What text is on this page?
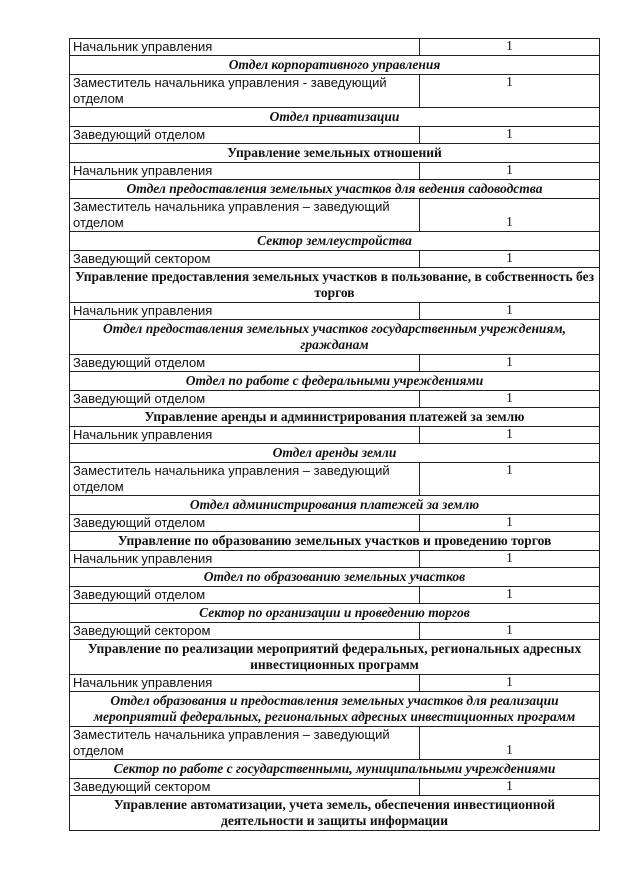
Начальник управления	1
Отдел корпоративного управления	
Заместитель начальника управления - заведующий отделом	1
Отдел приватизации	
Заведующий отделом	1
Управление земельных отношений	
Начальник управления	1
Отдел предоставления земельных участков для ведения садоводства	
Заместитель начальника управления – заведующий отделом	1
Сектор землеустройства	
Заведующий сектором	1
Управление предоставления земельных участков в пользование, в собственность без торгов	
Начальник управления	1
Отдел предоставления земельных участков государственным учреждениям, гражданам	
Заведующий отделом	1
Отдел по работе с федеральными учреждениями	
Заведующий отделом	1
Управление аренды и администрирования платежей за землю	
Начальник управления	1
Отдел аренды земли	
Заместитель начальника управления – заведующий отделом	1
Отдел администрирования платежей за землю	
Заведующий отделом	1
Управление по образованию земельных участков и проведению торгов	
Начальник управления	1
Отдел по образованию земельных участков	
Заведующий отделом	1
Сектор по организации и проведению торгов	
Заведующий сектором	1
Управление по реализации мероприятий федеральных, региональных адресных инвестиционных программ	
Начальник управления	1
Отдел образования и предоставления земельных участков для реализации мероприятий федеральных, региональных адресных инвестиционных программ	
Заместитель начальника управления – заведующий отделом	1
Сектор по работе с государственными, муниципальными учреждениями	
Заведующий сектором	1
Управление автоматизации, учета земель, обеспечения инвестиционной деятельности и защиты информации	
